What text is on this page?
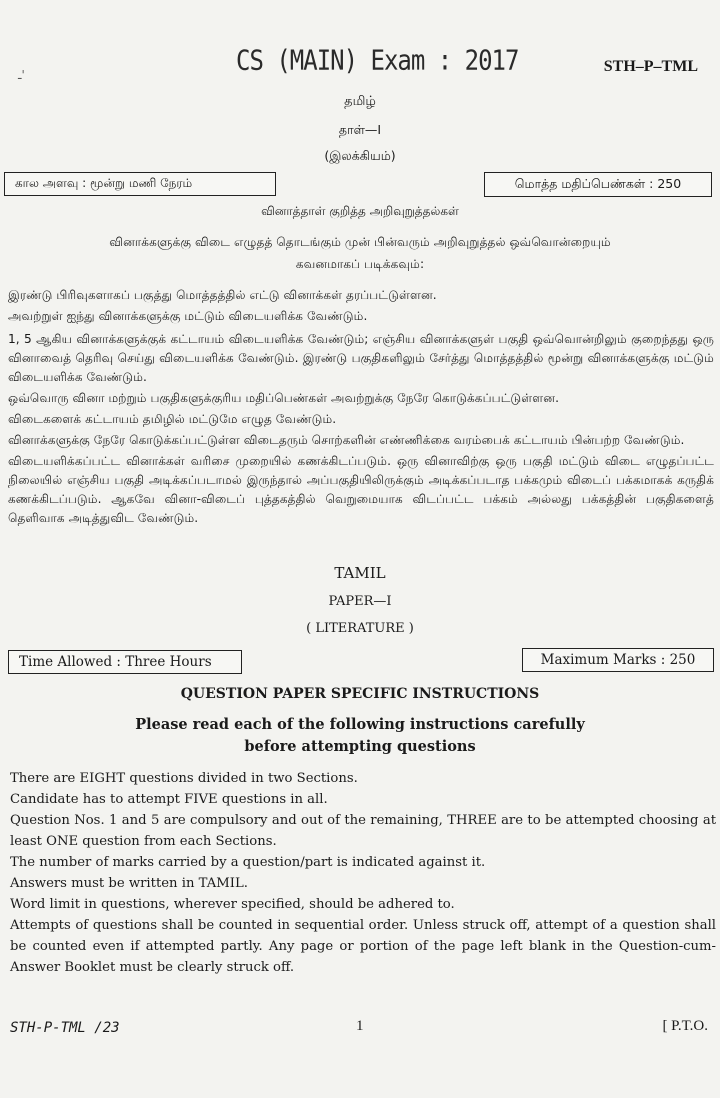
ـ'	CS (MAIN) Exam : 2017	STH–P–TML
தமிழ்
தாள்—I
(இலக்கியம்)
கால அளவு : மூன்று மணி நேரம்	மொத்த மதிப்பெண்கள் : 250
வினாத்தாள் குறித்த அறிவுறுத்தல்கள்
வினாக்களுக்கு விடை எழுதத் தொடங்கும் முன் பின்வரும் அறிவுறுத்தல் ஒவ்வொன்றையும்
கவனமாகப் படிக்கவும்:

இரண்டு பிரிவுகளாகப் பகுத்து மொத்தத்தில் எட்டு வினாக்கள் தரப்பட்டுள்ளன.

அவற்றுள் ஐந்து வினாக்களுக்கு மட்டும் விடையளிக்க வேண்டும்.

1, 5 ஆகிய வினாக்களுக்குக் கட்டாயம் விடையளிக்க வேண்டும்; எஞ்சிய வினாக்களுள் பகுதி ஒவ்வொன்றிலும் குறைந்தது ஒரு வினாவைத் தெரிவு செய்து விடையளிக்க வேண்டும். இரண்டு பகுதிகளிலும் சேர்த்து மொத்தத்தில் மூன்று வினாக்களுக்கு மட்டும் விடையளிக்க வேண்டும்.

ஒவ்வொரு வினா மற்றும் பகுதிகளுக்குரிய மதிப்பெண்கள் அவற்றுக்கு நேரே கொடுக்கப்பட்டுள்ளன.

விடைகளைக் கட்டாயம் தமிழில் மட்டுமே எழுத வேண்டும்.

வினாக்களுக்கு நேரே கொடுக்கப்பட்டுள்ள விடைதரும் சொற்களின் எண்ணிக்கை வரம்பைக் கட்டாயம் பின்பற்ற வேண்டும்.

விடையளிக்கப்பட்ட வினாக்கள் வரிசை முறையில் கணக்கிடப்படும். ஒரு வினாவிற்கு ஒரு பகுதி மட்டும் விடை எழுதப்பட்ட நிலையில் எஞ்சிய பகுதி அடிக்கப்படாமல் இருந்தால் அப்பகுதியிலிருக்கும் அடிக்கப்படாத பக்கமும் விடைப் பக்கமாகக் கருதிக் கணக்கிடப்படும். ஆகவே வினா-விடைப் புத்தகத்தில் வெறுமையாக விடப்பட்ட பக்கம் அல்லது பக்கத்தின் பகுதிகளைத் தெளிவாக அடித்துவிட வேண்டும்.

TAMIL
PAPER—I
( LITERATURE )
Time Allowed : Three Hours	Maximum Marks : 250
QUESTION PAPER SPECIFIC INSTRUCTIONS
Please read each of the following instructions carefully
before attempting questions

There are EIGHT questions divided in two Sections.

Candidate has to attempt FIVE questions in all.

Question Nos. 1 and 5 are compulsory and out of the remaining, THREE are to be attempted choosing at least ONE question from each Sections.

The number of marks carried by a question/part is indicated against it.

Answers must be written in TAMIL.

Word limit in questions, wherever specified, should be adhered to.

Attempts of questions shall be counted in sequential order. Unless struck off, attempt of a question shall be counted even if attempted partly. Any page or portion of the page left blank in the Question-cum-Answer Booklet must be clearly struck off.

STH-P-TML /23	1	[ P.T.O.
